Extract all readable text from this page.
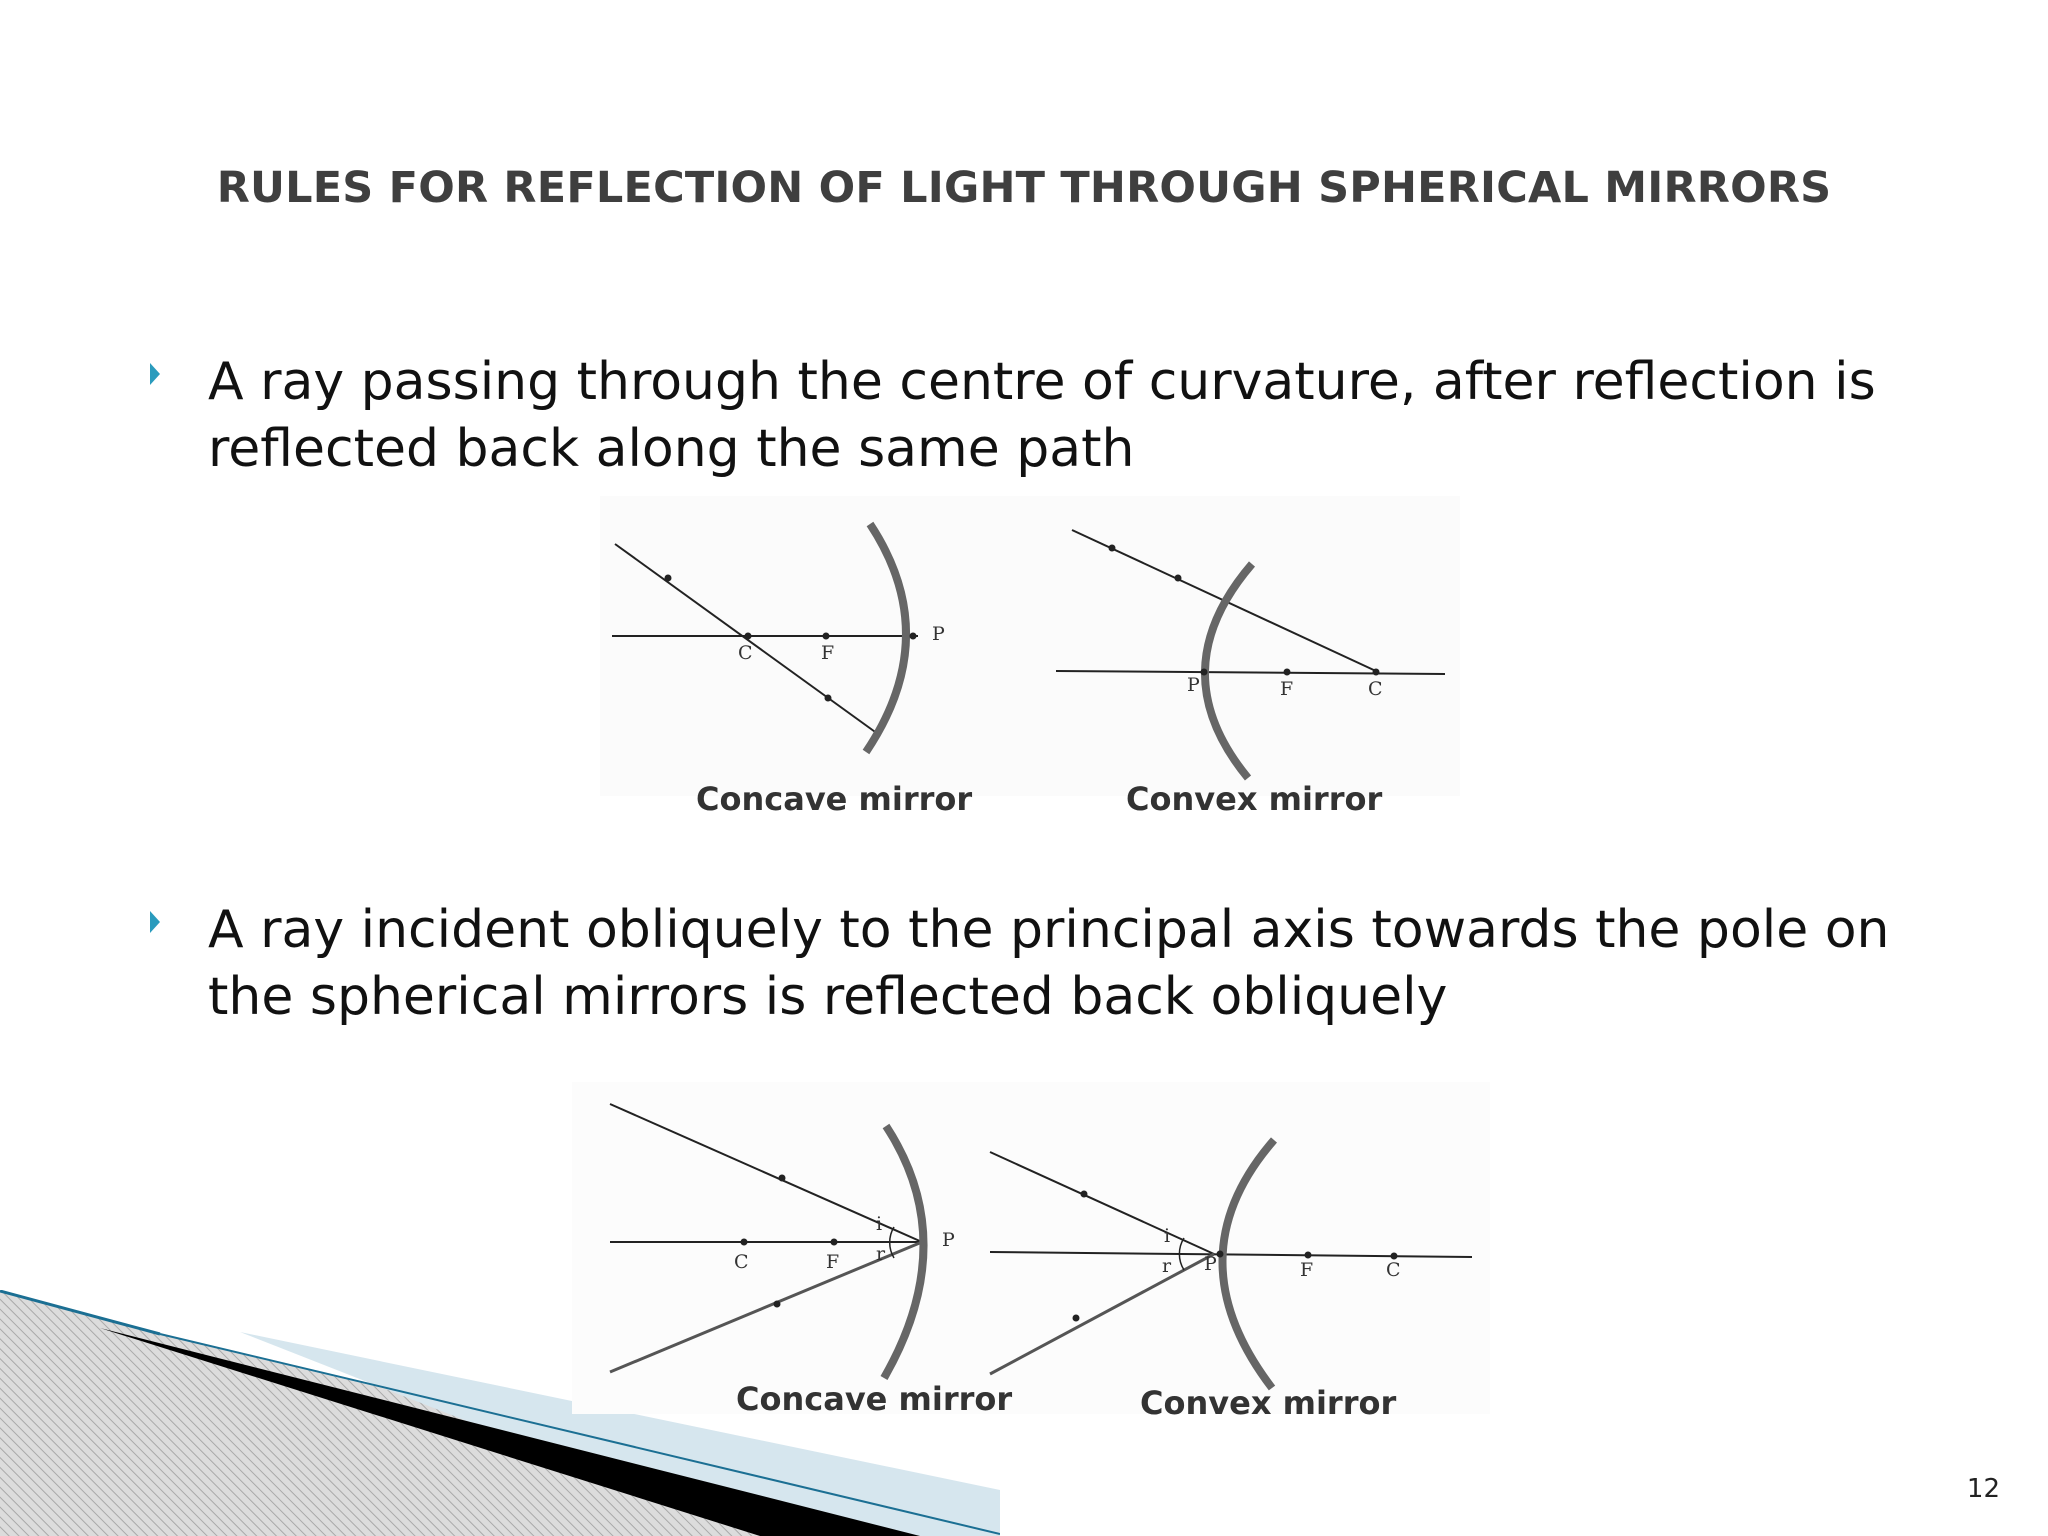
RULES FOR REFLECTION OF LIGHT THROUGH SPHERICAL MIRRORS
A ray passing through the centre of curvature, after reflection is reflected back along the same path
C	F
P
Concave mirror
P	F	C
Convex mirror
A ray incident obliquely to the principal axis towards the pole on the spherical mirrors is reflected back obliquely
C	F
P
i
r
Concave mirror
P	F	C
i
r
Convex mirror
12
